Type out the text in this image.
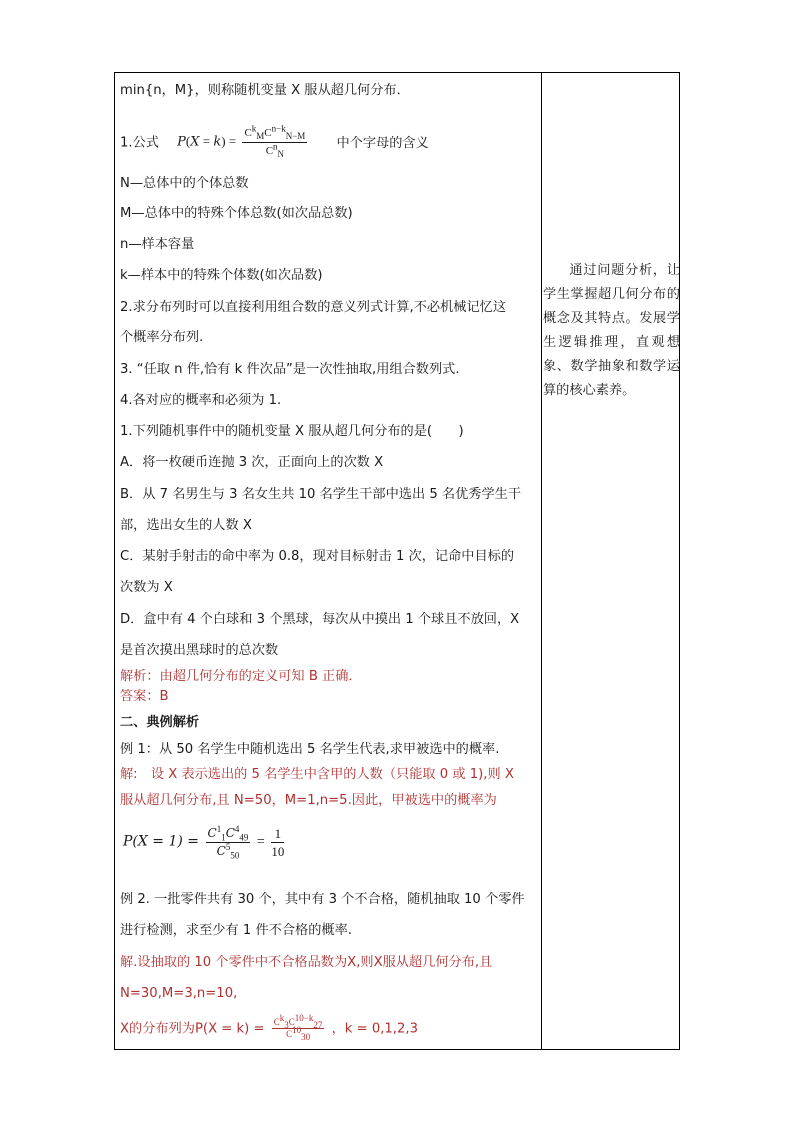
min{n，M}，则称随机变量 X 服从超几何分布．
1.公式 $P(X = k) = \frac{C^k_MC^{n-k}_{N-M}}{C^n_N}$ 中个字母的含义
N—总体中的个体总数
M—总体中的特殊个体总数(如次品总数)
n—样本容量
k—样本中的特殊个体数(如次品数)
2.求分布列时可以直接利用组合数的意义列式计算,不必机械记忆这
个概率分布列.
3. “任取 n 件,恰有 k 件次品”是一次性抽取,用组合数列式.
4.各对应的概率和必须为 1.
1.下列随机事件中的随机变量 X 服从超几何分布的是(　　)
A．将一枚硬币连抛 3 次，正面向上的次数 X
B．从 7 名男生与 3 名女生共 10 名学生干部中选出 5 名优秀学生干
部，选出女生的人数 X
C．某射手射击的命中率为 0.8，现对目标射击 1 次，记命中目标的
次数为 X
D．盒中有 4 个白球和 3 个黑球，每次从中摸出 1 个球且不放回，X
是首次摸出黑球时的总次数
解析：由超几何分布的定义可知 B 正确．
答案：B
二、典例解析
例 1：从 50 名学生中随机选出 5 名学生代表,求甲被选中的概率.
解:　设 X 表示选出的 5 名学生中含甲的人数（只能取 0 或 1),则 X
服从超几何分布,且 N=50，M=1,n=5.因此，甲被选中的概率为
$P(X = 1) = \frac{C^1_1C^4_{49}}{C^5_{50}} = \frac{1}{10}$
例 2. 一批零件共有 30 个，其中有 3 个不合格，随机抽取 10 个零件
进行检测，求至少有 1 件不合格的概率.
解.设抽取的 10 个零件中不合格品数为X,则X服从超几何分布,且
N=30,M=3,n=10,
X的分布列为$P(X = k) = \frac{C^k_3C^{10-k}_{27}}{C^{10}_{30}}$ ，k = 0,1,2,3

通过问题分析，让学生掌握超几何分布的概念及其特点。发展学生逻辑推理，直观想象、数学抽象和数学运算的核心素养。
